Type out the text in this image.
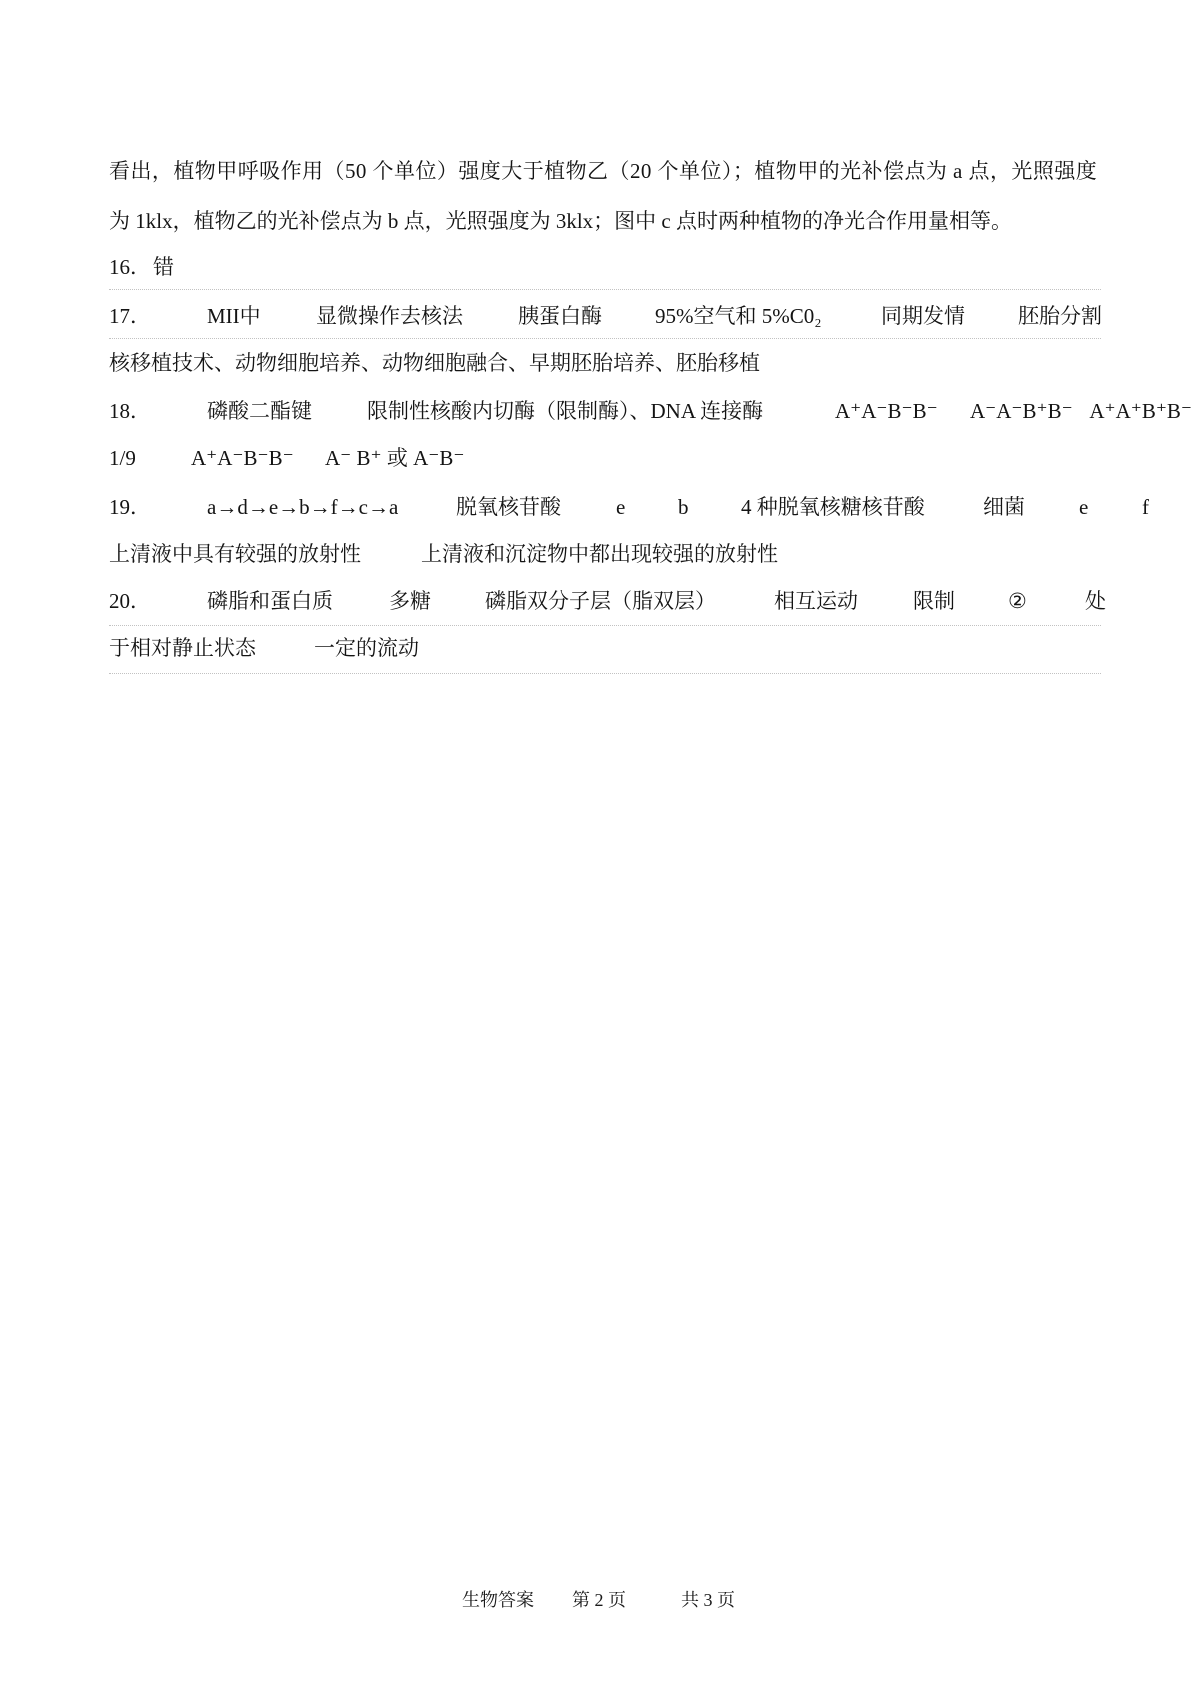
看出，植物甲呼吸作用（50 个单位）强度大于植物乙（20 个单位）；植物甲的光补偿点为 a 点，光照强度
为 1klx，植物乙的光补偿点为 b 点，光照强度为 3klx；图中 c 点时两种植物的净光合作用量相等。
16．错
17．	MII中	显微操作去核法	胰蛋白酶	95%空气和 5%C0₂	同期发情	胚胎分割
核移植技术、动物细胞培养、动物细胞融合、早期胚胎培养、胚胎移植
18．	磷酸二酯键	限制性核酸内切酶（限制酶）、DNA 连接酶	A⁺A⁻B⁻B⁻ A⁻A⁻B⁺B⁻ A⁺A⁺B⁺B⁻
1/9	A⁺A⁻B⁻B⁻ A⁻ B⁺ 或 A⁻B⁻
19．	a→d→e→b→f→c→a	脱氧核苷酸	e	b	4 种脱氧核糖核苷酸	细菌	e	f
上清液中具有较强的放射性	上清液和沉淀物中都出现较强的放射性
20．	磷脂和蛋白质	多糖	磷脂双分子层（脂双层）	相互运动	限制	②	处
于相对静止状态	一定的流动
生物答案 第 2 页	共 3 页
